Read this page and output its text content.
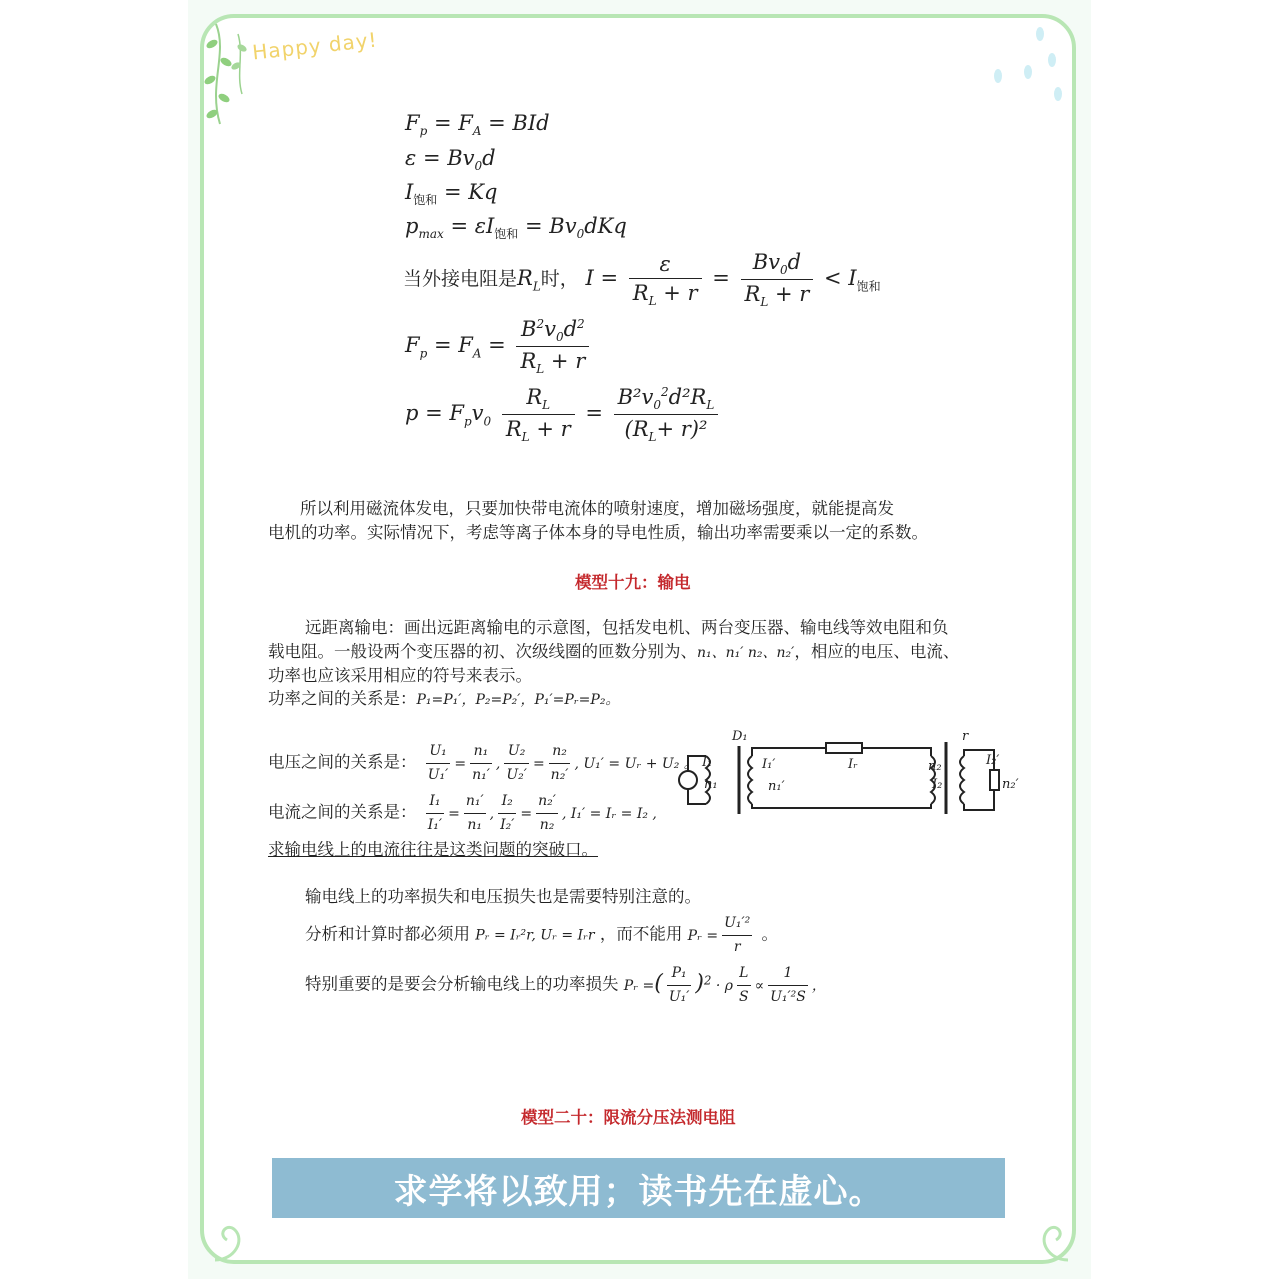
Happy day!
$F_p = F_A$ = BId
$\varepsilon = Bv_0d$
$I_{饱和} = Kq$
$p_{max} = \varepsilon I_{饱和} = Bv_0dKq$
当外接电阻是$R_L$时， $I = \frac{\varepsilon}{R_L + r} = \frac{Bv_0d}{R_L + r} < I_{饱和}$
$F_p = F_A = \frac{B^2v_0d^2}{R_L + r}$
$p = F_pv_0 \frac{R_L}{R_L + r} = \frac{B^2v_0^2d^2R_L}{(R_L+ r)^2}$
所以利用磁流体发电，只要加快带电流体的喷射速度，增加磁场强度，就能提高发
电机的功率。实际情况下，考虑等离子体本身的导电性质，输出功率需要乘以一定的系数。
模型十九：输电
远距离输电：画出远距离输电的示意图，包括发电机、两台变压器、输电线等效电阻和负
载电阻。一般设两个变压器的初、次级线圈的匝数分别为、n₁、n₁′ n₂、n₂′，相应的电压、电流、
功率也应该采用相应的符号来表示。
功率之间的关系是：P₁=P₁′，P₂=P₂′，P₁′=Pᵣ=P₂。
电压之间的关系是： $\frac{\text{U₁}}{\text{U₁′}} = \frac{\text{n₁}}{\text{n₁′}}$ , $\frac{\text{U₂}}{\text{U₂′}} = \frac{\text{n₂}}{\text{n₂′}}$ , U₁′ = Uᵣ + U₂ 。
电流之间的关系是： $\frac{\text{I₁}}{\text{I₁′}} = \frac{\text{n₁′}}{\text{n₁}}$ , $\frac{\text{I₂}}{\text{I₂′}} = \frac{\text{n₂′}}{\text{n₂}}$ , I₁′ = Iᵣ = I₂ ,
D₁	r
I₁
n₁
I₁′
n₁′
Iᵣ	n₂
I₂
I₂′
n₂′
求输电线上的电流往往是这类问题的突破口。
输电线上的功率损失和电压损失也是需要特别注意的。
分析和计算时都必须用 Pᵣ = Iᵣ²r, Uᵣ = Iᵣr ，而不能用 Pᵣ = $\frac{\text{U₁′²}}{r}$ 。
特别重要的是要会分析输电线上的功率损失 Pᵣ =( $\frac{\text{P₁}}{\text{U₁′}} )^2 \cdot \rho \frac{L}{S} \propto \frac{1}{\text{U₁′²S}}$ ，
模型二十：限流分压法测电阻
求学将以致用；读书先在虚心。
